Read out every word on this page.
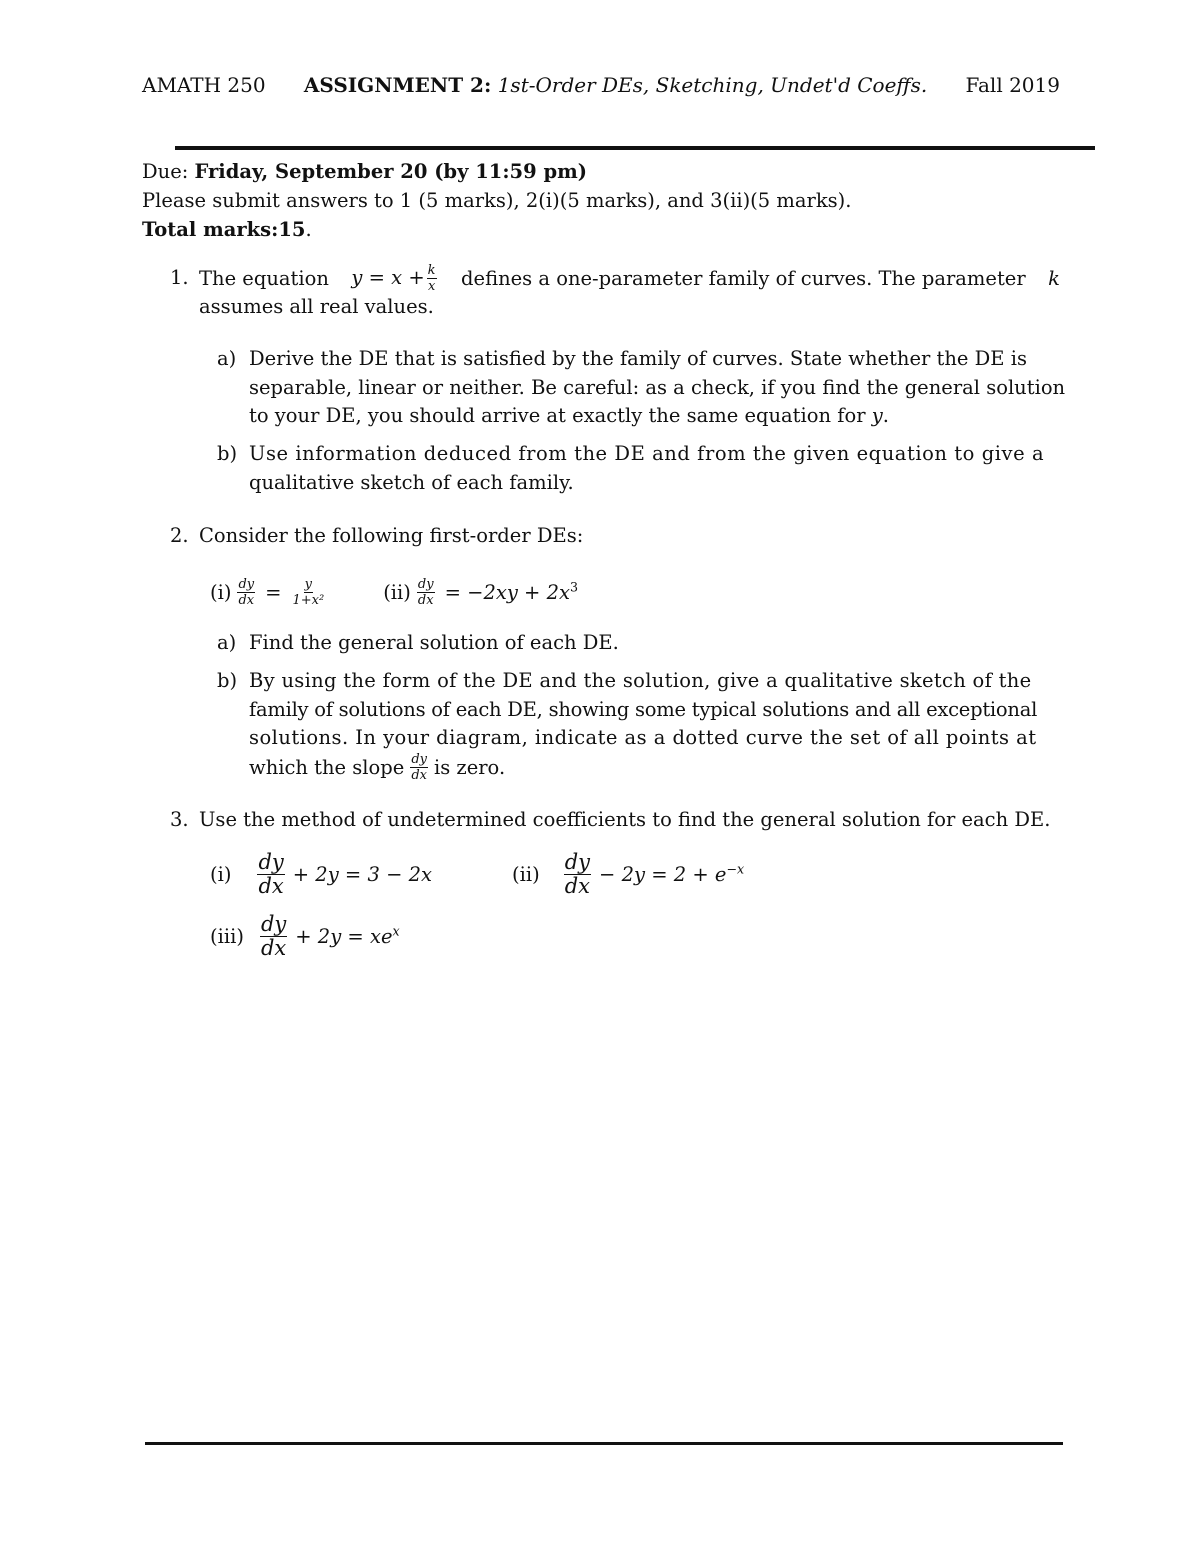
AMATH 250 ASSIGNMENT 2: 1st-Order DEs, Sketching, Undet'd Coeffs. Fall 2019
Due: Friday, September 20 (by 11:59 pm)
Please submit answers to 1 (5 marks), 2(i)(5 marks), and 3(ii)(5 marks).
Total marks:15.
1. The equation $y = x + \frac{k}{x}$ defines a one-parameter family of curves. The parameter k
assumes all real values.
a) Derive the DE that is satisfied by the family of curves. State whether the DE is
separable, linear or neither. Be careful: as a check, if you find the general solution
to your DE, you should arrive at exactly the same equation for y.
b) Use information deduced from the DE and from the given equation to give a
qualitative sketch of each family.
2. Consider the following first-order DEs:
$(i) \frac{dy}{dx} = \frac{y}{\text{1+x²}}$	$(ii) \frac{dy}{dx} = -2xy + 2x^3$
a) Find the general solution of each DE.
b) By using the form of the DE and the solution, give a qualitative sketch of the
family of solutions of each DE, showing some typical solutions and all exceptional
solutions. In your diagram, indicate as a dotted curve the set of all points at
which the slope $\frac{dy}{dx}$ is zero.
3. Use the method of undetermined coefficients to find the general solution for each DE.
$(i) \frac{dy}{dx} + 2y = 3 - 2x$	$(ii) \frac{dy}{dx} - 2y = 2 + e^{-x}$
$(iii) \frac{dy}{dx} + 2y = xe^x$
